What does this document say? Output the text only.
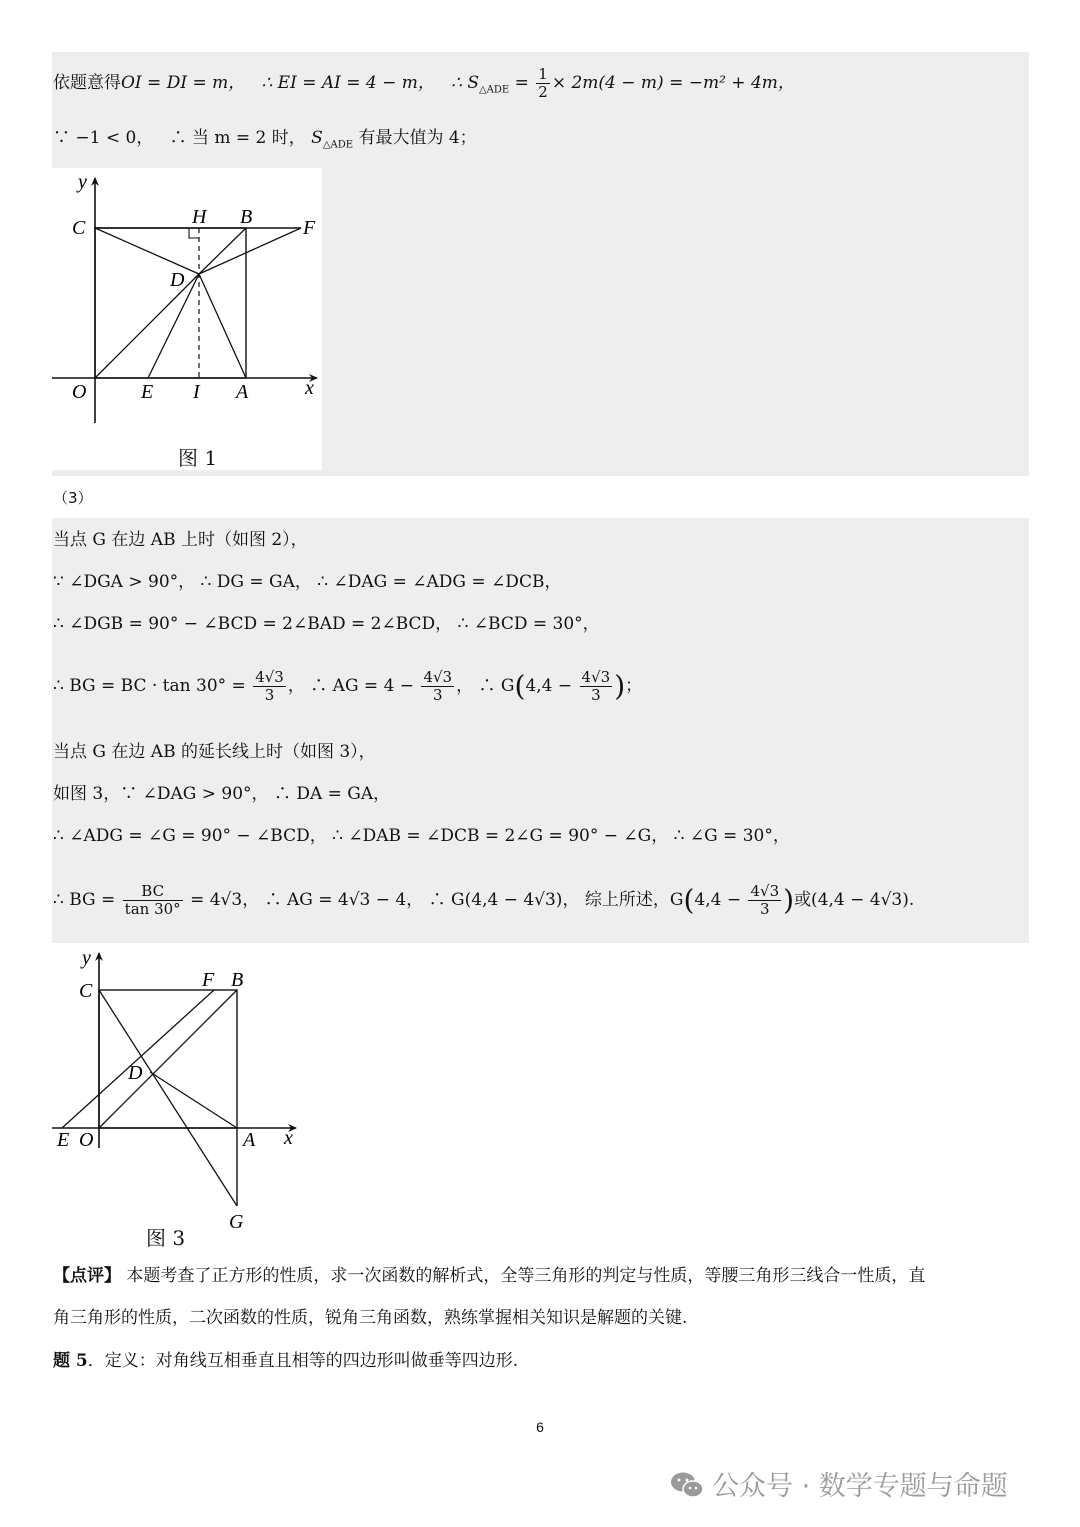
依题意得OI = DI = m， ∴ EI = AI = 4 − m， ∴ $S_{\triangle ADE} = \frac{1}{2} \times 2m(4 - m) = -m^2 + 4m$，
∵ −1 < 0， ∴ 当 m = 2 时， $S_{\triangle ADE}$ 有最大值为 4；
y
x
C	H B	F
D
O	E I A
图 1
（3）
当点 G 在边 AB 上时（如图 2），
∵ ∠DGA > 90°， ∴ DG = GA， ∴ ∠DAG = ∠ADG = ∠DCB，
∴ ∠DGB = 90° − ∠BCD = 2∠BAD = 2∠BCD， ∴ ∠BCD = 30°，
∴ BG = BC · $\tan 30^\circ = \frac{4√3}{3}$ ， ∴ AG = $4 - \frac{4√3}{3}$ ， ∴ $G(4,4 - \frac{4√3}{3}$ )；
当点 G 在边 AB 的延长线上时（如图 3），
如图 3，∵ ∠DAG > 90°， ∴ DA = GA，
∴ ∠ADG = ∠G = 90° − ∠BCD， ∴ ∠DAB = ∠DCB = 2∠G = 90° − ∠G， ∴ ∠G = 30°，
∴ BG = $\frac{BC}{\tan 30^\circ} = 4√3$， ∴ AG = 4√3 − 4， ∴ G(4,4 − 4√3)， 综上所述，$G(4,4 - \frac{4√3}{3}$ )或(4,4 − 4√3).
y
x
C	F B
D
E O	A
G
图 3
【点评】 本题考查了正方形的性质，求一次函数的解析式，全等三角形的判定与性质，等腰三角形三线合一性质，直
角三角形的性质，二次函数的性质，锐角三角函数，熟练掌握相关知识是解题的关键.
题 5．定义：对角线互相垂直且相等的四边形叫做垂等四边形.
6
公众号 · 数学专题与命题
